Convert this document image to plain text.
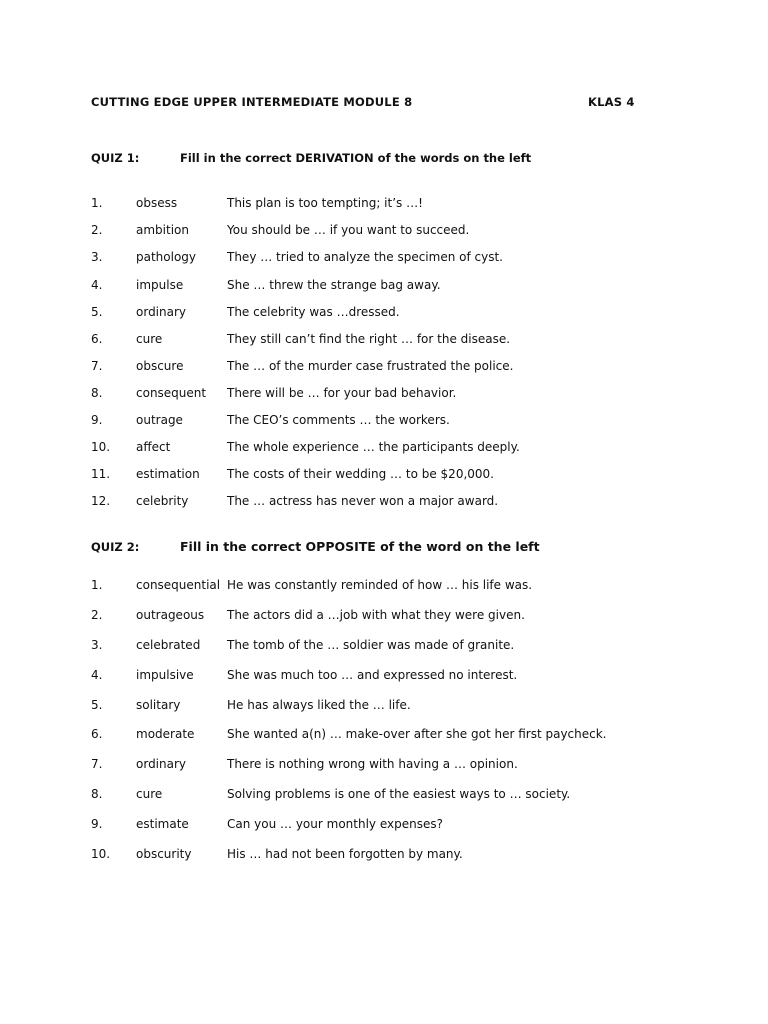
CUTTING EDGE UPPER INTERMEDIATE MODULE 8	KLAS 4
QUIZ 1:	Fill in the correct DERIVATION of the words on the left
1.	obsess	This plan is too tempting; it’s …!
2.	ambition	You should be … if you want to succeed.
3.	pathology	They … tried to analyze the specimen of cyst.
4.	impulse	She … threw the strange bag away.
5.	ordinary	The celebrity was …dressed.
6.	cure	They still can’t find the right … for the disease.
7.	obscure	The … of the murder case frustrated the police.
8.	consequent There will be … for your bad behavior.
9.	outrage	The CEO’s comments … the workers.
10. affect	The whole experience … the participants deeply.
11. estimation The costs of their wedding … to be $20,000.
12. celebrity	The … actress has never won a major award.
QUIZ 2:	Fill in the correct OPPOSITE of the word on the left
1.	consequential He was constantly reminded of how … his life was.
2.	outrageous The actors did a …job with what they were given.
3.	celebrated The tomb of the … soldier was made of granite.
4.	impulsive	She was much too … and expressed no interest.
5.	solitary	He has always liked the … life.
6.	moderate	She wanted a(n) … make-over after she got her first paycheck.
7.	ordinary	There is nothing wrong with having a … opinion.
8.	cure	Solving problems is one of the easiest ways to … society.
9.	estimate	Can you … your monthly expenses?
10. obscurity	His … had not been forgotten by many.
